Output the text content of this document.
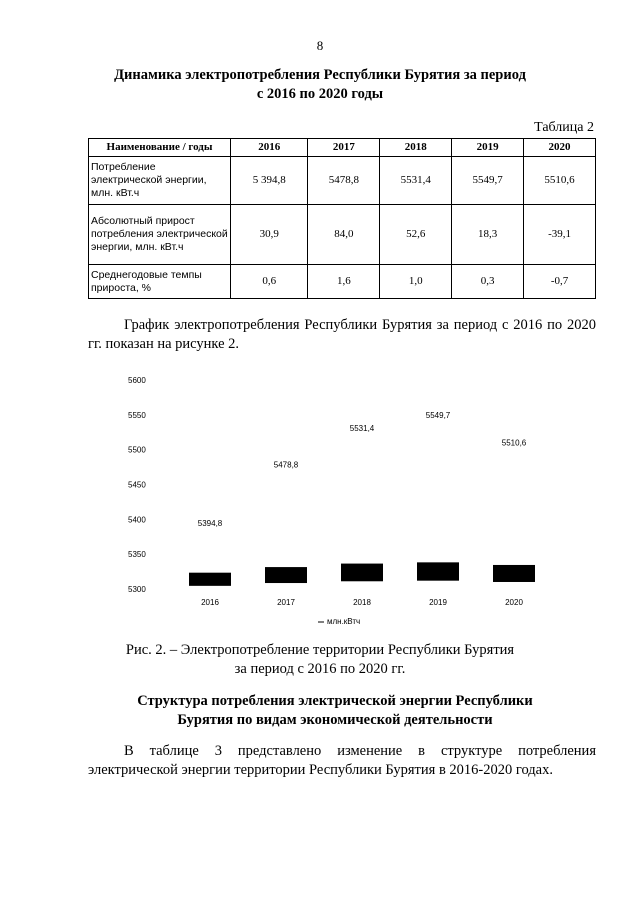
8
Динамика электропотребления Республики Бурятия за период
с 2016 по 2020 годы
Таблица 2
Наименование / годы	2016	2017	2018	2019	2020
Потребление электрической энергии, млн. кВт.ч	5 394,8	5478,8	5531,4	5549,7	5510,6
Абсолютный прирост потребления электрической энергии, млн. кВт.ч	30,9	84,0	52,6	18,3	-39,1
Среднегодовые темпы прироста, %	0,6	1,6	1,0	0,3	-0,7
График электропотребления Республики Бурятия за период с 2016 по 2020 гг. показан на рисунке 2.
5300
5350
5400
5450
5500
5550
5600
5394,8
2016
5478,8
2017
5531,4
2018
5549,7
2019
5510,6
2020
млн.кВтч
Рис. 2. – Электропотребление территории Республики Бурятия
за период с 2016 по 2020 гг.
Структура потребления электрической энергии Республики
Бурятия по видам экономической деятельности
В таблице 3 представлено изменение в структуре потребления электрической энергии территории Республики Бурятия в 2016-2020 годах.
